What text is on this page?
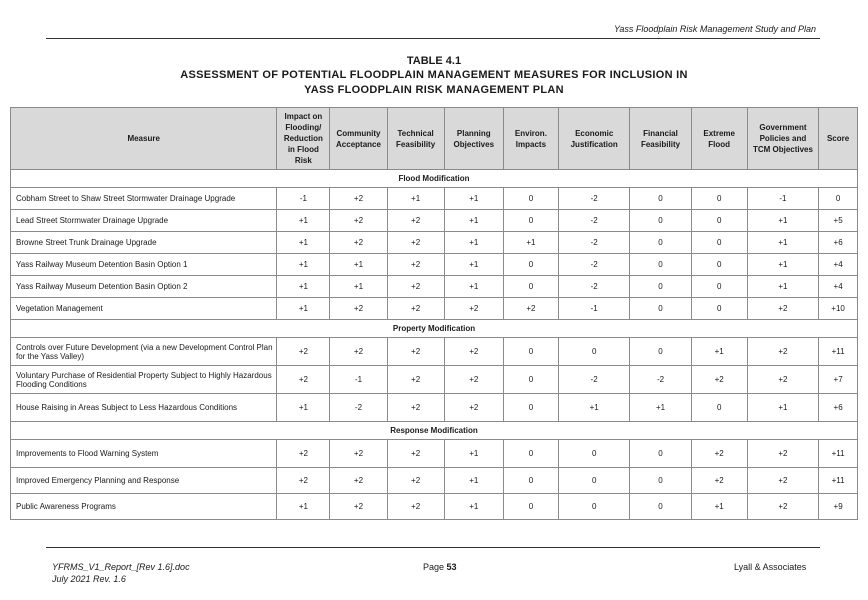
Yass Floodplain Risk Management Study and Plan
TABLE 4.1
ASSESSMENT OF POTENTIAL FLOODPLAIN MANAGEMENT MEASURES FOR INCLUSION IN
YASS FLOODPLAIN RISK MANAGEMENT PLAN
Measure	Impact on Flooding/ Reduction in Flood Risk	Community Acceptance	Technical Feasibility	Planning Objectives	Environ. Impacts	Economic Justification	Financial Feasibility	Extreme Flood	Government Policies and TCM Objectives	Score
Flood Modification										
Cobham Street to Shaw Street Stormwater Drainage Upgrade	-1	+2	+1	+1	0	-2	0	0	-1	0
Lead Street Stormwater Drainage Upgrade	+1	+2	+2	+1	0	-2	0	0	+1	+5
Browne Street Trunk Drainage Upgrade	+1	+2	+2	+1	+1	-2	0	0	+1	+6
Yass Railway Museum Detention Basin Option 1	+1	+1	+2	+1	0	-2	0	0	+1	+4
Yass Railway Museum Detention Basin Option 2	+1	+1	+2	+1	0	-2	0	0	+1	+4
Vegetation Management	+1	+2	+2	+2	+2	-1	0	0	+2	+10
Property Modification										
Controls over Future Development (via a new Development Control Plan for the Yass Valley)	+2	+2	+2	+2	0	0	0	+1	+2	+11
Voluntary Purchase of Residential Property Subject to Highly Hazardous Flooding Conditions	+2	-1	+2	+2	0	-2	-2	+2	+2	+7
House Raising in Areas Subject to Less Hazardous Conditions	+1	-2	+2	+2	0	+1	+1	0	+1	+6
Response Modification										
Improvements to Flood Warning System	+2	+2	+2	+1	0	0	0	+2	+2	+11
Improved Emergency Planning and Response	+2	+2	+2	+1	0	0	0	+2	+2	+11
Public Awareness Programs	+1	+2	+2	+1	0	0	0	+1	+2	+9
YFRMS_V1_Report_[Rev 1.6].doc
July 2021 Rev. 1.6
Page 53	Lyall & Associates
